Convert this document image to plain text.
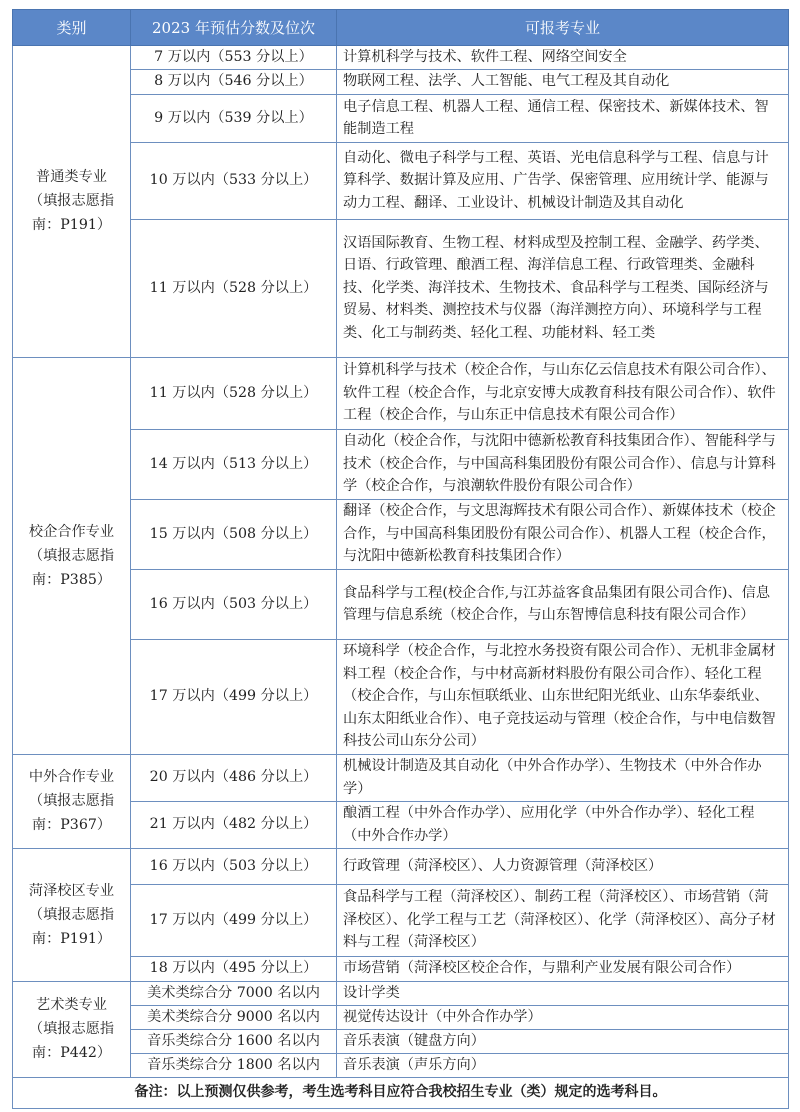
类别	2023 年预估分数及位次	可报考专业

普通类专业
（填报志愿指
南：P191）	7 万以内（553 分以上）	计算机科学与技术、软件工程、网络空间安全
	8 万以内（546 分以上）	物联网工程、法学、人工智能、电气工程及其自动化
	9 万以内（539 分以上）	电子信息工程、机器人工程、通信工程、保密技术、新媒体技术、智能制造工程
	10 万以内（533 分以上）	自动化、微电子科学与工程、英语、光电信息科学与工程、信息与计算科学、数据计算及应用、广告学、保密管理、应用统计学、能源与动力工程、翻译、工业设计、机械设计制造及其自动化
	11 万以内（528 分以上）	汉语国际教育、生物工程、材料成型及控制工程、金融学、药学类、日语、行政管理、酿酒工程、海洋信息工程、行政管理类、金融科技、化学类、海洋技术、生物技术、食品科学与工程类、国际经济与贸易、材料类、测控技术与仪器（海洋测控方向）、环境科学与工程类、化工与制药类、轻化工程、功能材料、轻工类

校企合作专业
（填报志愿指
南：P385）	11 万以内（528 分以上）	计算机科学与技术（校企合作，与山东亿云信息技术有限公司合作）、软件工程（校企合作，与北京安博大成教育科技有限公司合作）、软件工程（校企合作，与山东正中信息技术有限公司合作）
	14 万以内（513 分以上）	自动化（校企合作，与沈阳中德新松教育科技集团合作）、智能科学与技术（校企合作，与中国高科集团股份有限公司合作）、信息与计算科学（校企合作，与浪潮软件股份有限公司合作）
	15 万以内（508 分以上）	翻译（校企合作，与文思海辉技术有限公司合作）、新媒体技术（校企合作，与中国高科集团股份有限公司合作）、机器人工程（校企合作，与沈阳中德新松教育科技集团合作）
	16 万以内（503 分以上）	食品科学与工程(校企合作,与江苏益客食品集团有限公司合作)、信息管理与信息系统（校企合作，与山东智博信息科技有限公司合作）
	17 万以内（499 分以上）	环境科学（校企合作，与北控水务投资有限公司合作）、无机非金属材料工程（校企合作，与中材高新材料股份有限公司合作）、轻化工程（校企合作，与山东恒联纸业、山东世纪阳光纸业、山东华泰纸业、山东太阳纸业合作）、电子竞技运动与管理（校企合作，与中电信数智科技公司山东分公司）

中外合作专业
（填报志愿指
南：P367）	20 万以内（486 分以上）	机械设计制造及其自动化（中外合作办学）、生物技术（中外合作办学）
	21 万以内（482 分以上）	酿酒工程（中外合作办学）、应用化学（中外合作办学）、轻化工程（中外合作办学）

菏泽校区专业
（填报志愿指
南：P191）	16 万以内（503 分以上）	行政管理（菏泽校区）、人力资源管理（菏泽校区）
	17 万以内（499 分以上）	食品科学与工程（菏泽校区）、制药工程（菏泽校区）、市场营销（菏泽校区）、化学工程与工艺（菏泽校区）、化学（菏泽校区）、高分子材料与工程（菏泽校区）
	18 万以内（495 分以上）	市场营销（菏泽校区校企合作，与鼎利产业发展有限公司合作）

艺术类专业
（填报志愿指
南：P442）	美术类综合分 7000 名以内	设计学类
	美术类综合分 9000 名以内	视觉传达设计（中外合作办学）
	音乐类综合分 1600 名以内	音乐表演（键盘方向）
	音乐类综合分 1800 名以内	音乐表演（声乐方向）
备注：以上预测仅供参考，考生选考科目应符合我校招生专业（类）规定的选考科目。		
